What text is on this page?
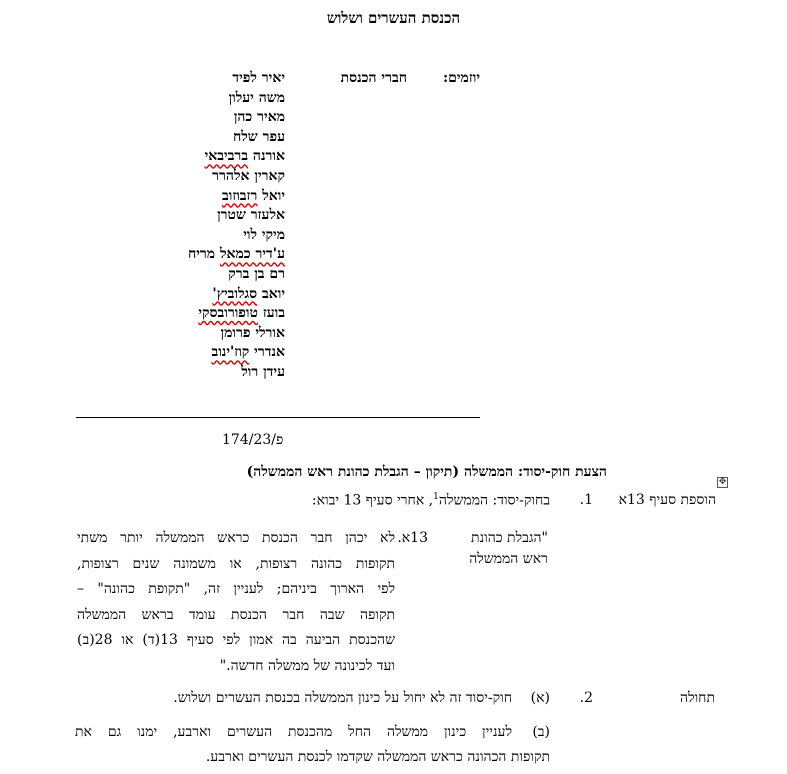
הכנסת העשרים ושלוש
יוזמים:
חברי הכנסת
יאיר לפיד
משה יעלון
מאיר כהן
עפר שלח
אורנה ברביבאי
קארין אלהרר
יואל רזבוזוב
אלעזר שטרן
מיקי לוי
ע'דיר כמאל מריח
רם בן ברק
יואב סגלוביץ'
בועז טופורובסקי
אורלי פרומן
אנדרי קוז'ינוב
עידן רול
פ/174/23
הצעת חוק-יסוד: הממשלה (תיקון – הגבלת כהונת ראש הממשלה)
✥
הוספת סעיף 13א
1.
בחוק-יסוד: הממשלה$^1$, אחרי סעיף 13 יבוא:
"הגבלת כהונת
ראש הממשלה
13א.
לא יכהן חבר הכנסת כראש הממשלה יותר משתי
תקופות כהונה רצופות, או משמונה שנים רצופות,
לפי הארוך ביניהם; לעניין זה, "תקופת כהונה" –
תקופה שבה חבר הכנסת עומד בראש הממשלה
שהכנסת הביעה בה אמון לפי סעיף 13(ד) או 28(ב)
ועד לכינונה של ממשלה חדשה."
תחולה
2.
(א)
חוק-יסוד זה לא יחול על כינון הממשלה בכנסת העשרים ושלוש.
(ב)
לעניין כינון ממשלה החל מהכנסת העשרים וארבע, ימנו גם את
תקופות הכהונה כראש הממשלה שקדמו לכנסת העשרים וארבע.
